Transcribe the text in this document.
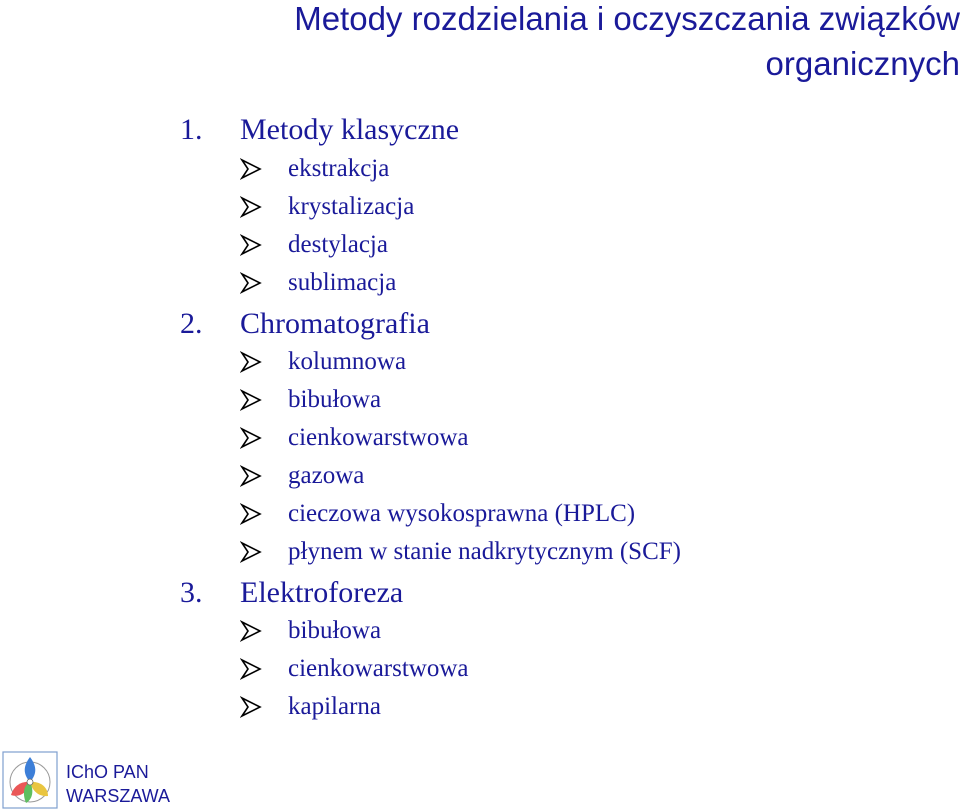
Metody rozdzielania i oczyszczania związków
organicznych
1. Metody klasyczne
ekstrakcja
krystalizacja
destylacja
sublimacja
2. Chromatografia
kolumnowa
bibułowa
cienkowarstwowa
gazowa
cieczowa wysokosprawna (HPLC)
płynem w stanie nadkrytycznym (SCF)
3. Elektroforeza
bibułowa
cienkowarstwowa
kapilarna
IChO PAN
WARSZAWA
